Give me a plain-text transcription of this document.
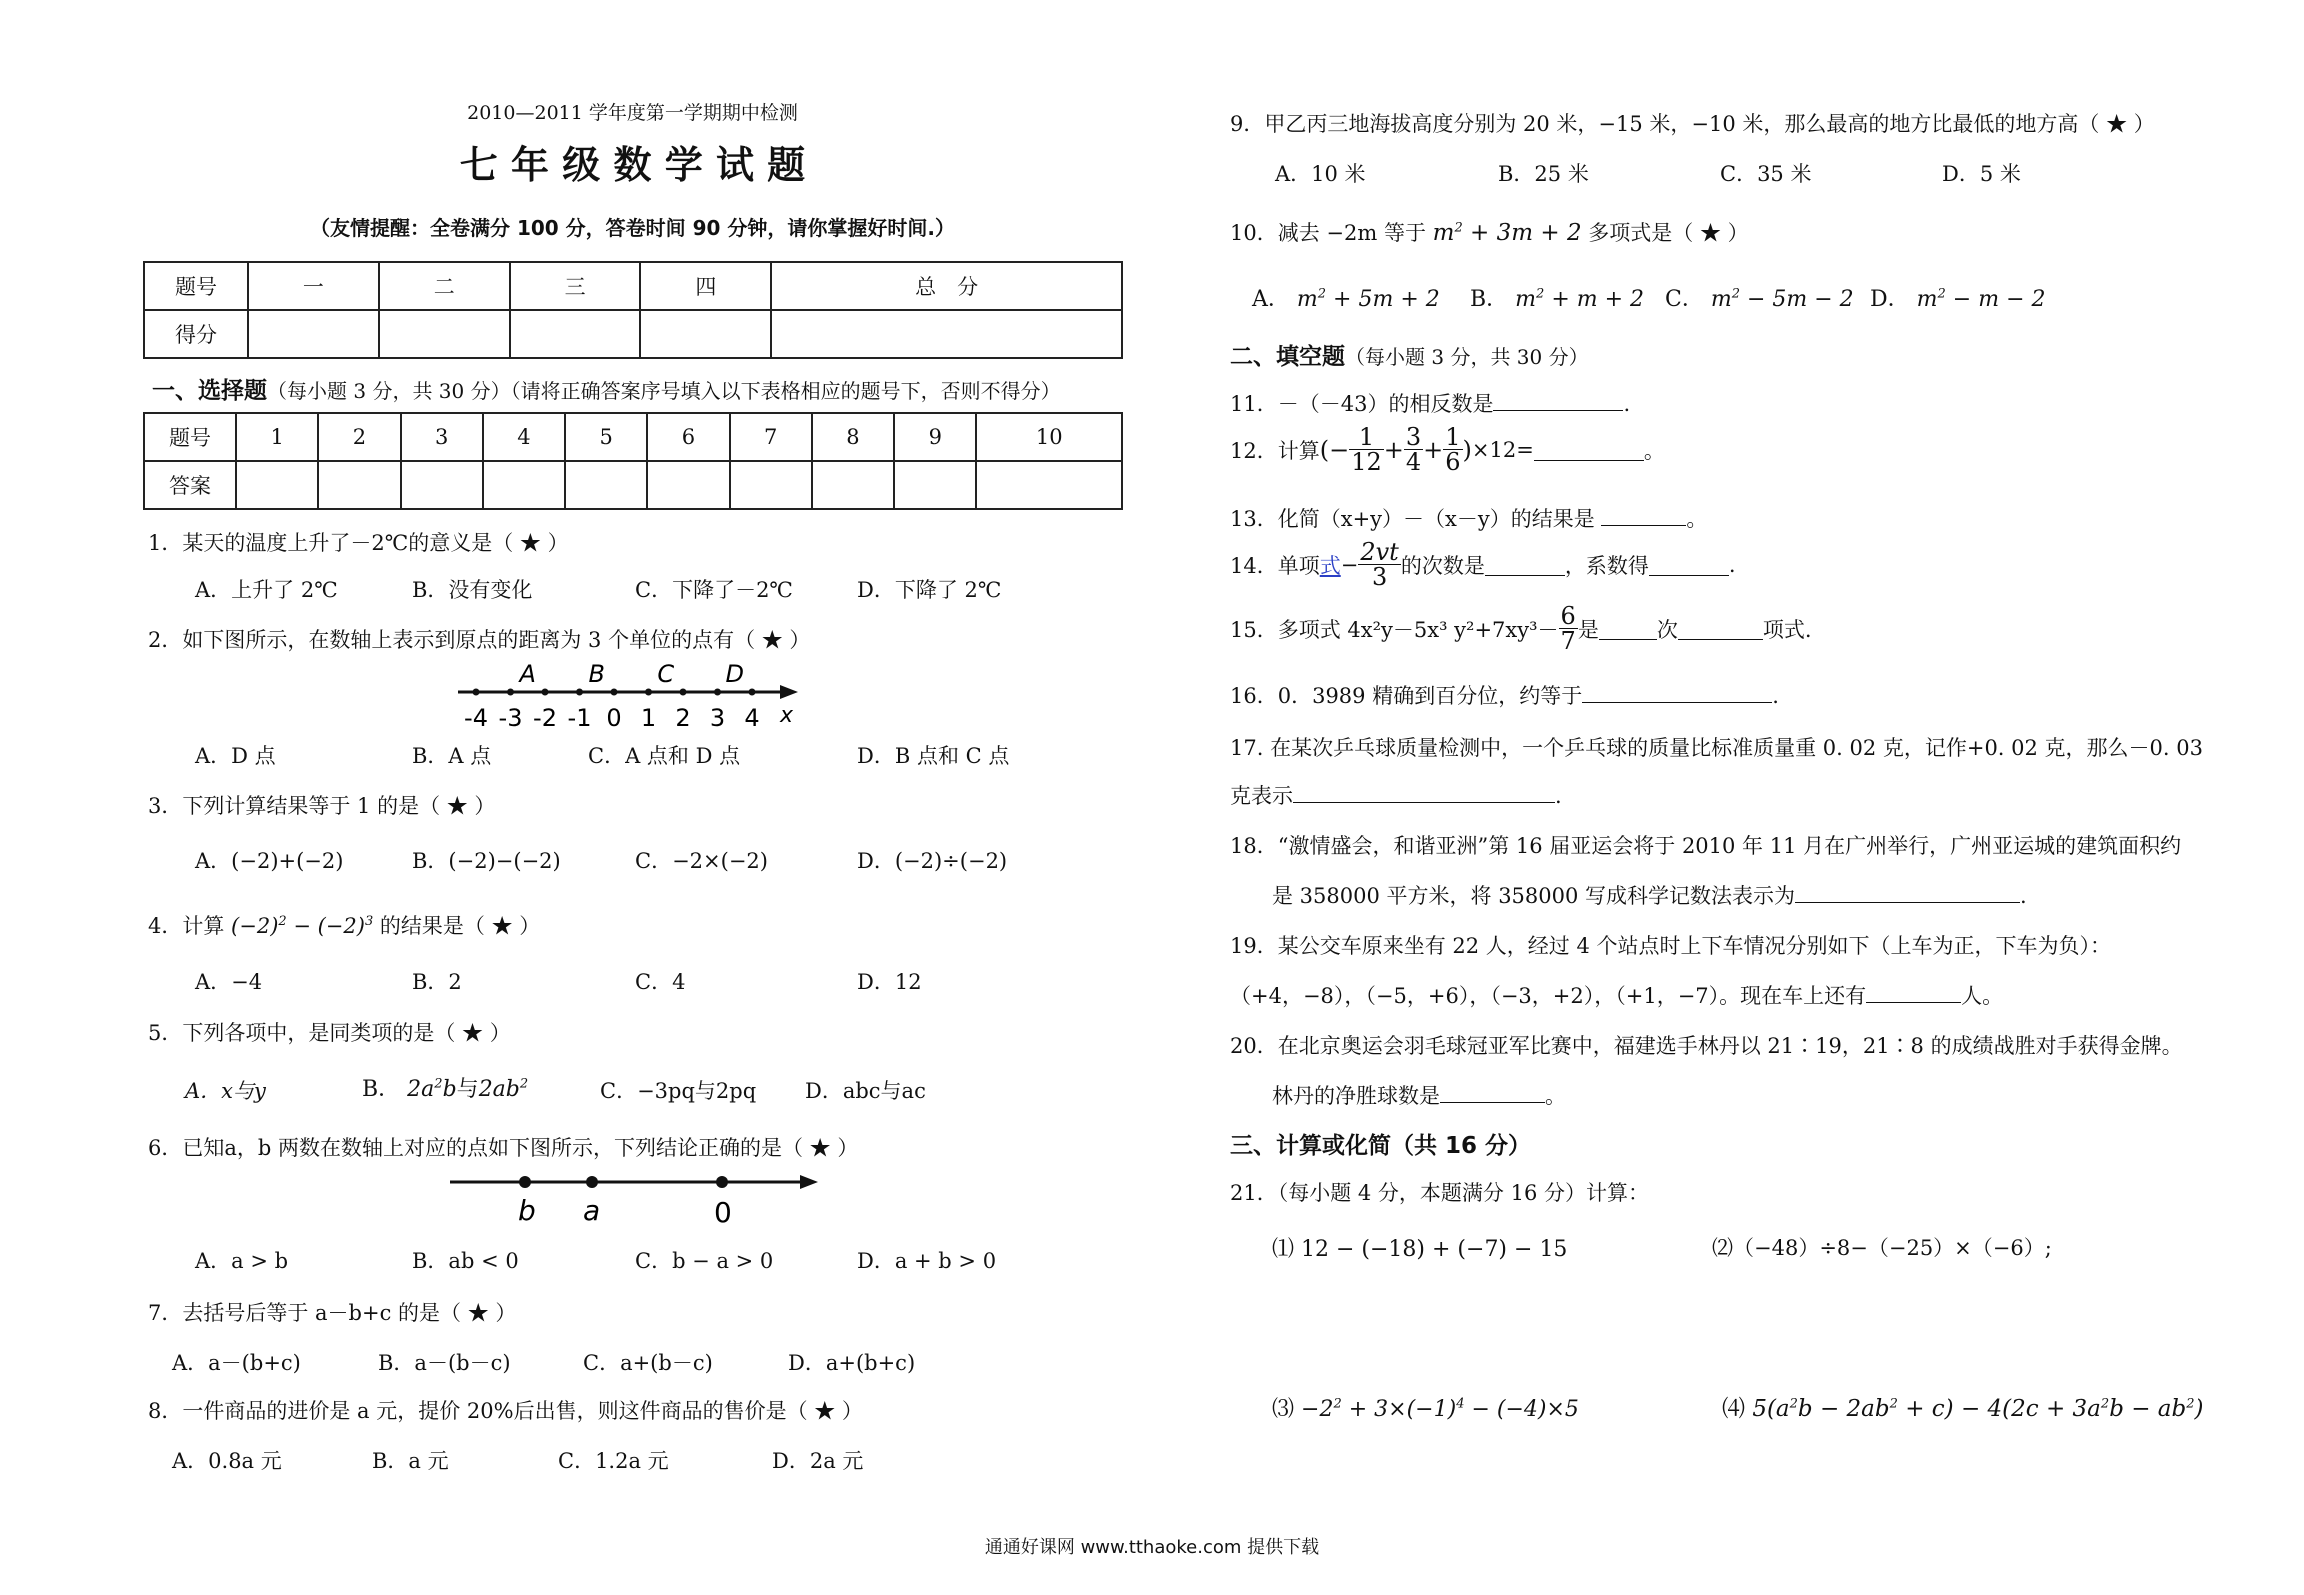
2010—2011 学年度第一学期期中检测
七 年 级 数 学 试 题
（友情提醒：全卷满分 100 分，答卷时间 90 分钟，请你掌握好时间.）
题号	一	二	三	四	总　分
得分					
一、选择题（每小题 3 分，共 30 分）（请将正确答案序号填入以下表格相应的题号下，否则不得分）
题号	1	2	3	4	5	6	7	8	9	10
答案										
1．某天的温度上升了－2℃的意义是（ ★ ）
A．上升了 2℃	B．没有变化	C．下降了－2℃	D．下降了 2℃
2．如下图所示，在数轴上表示到原点的距离为 3 个单位的点有（ ★ ）
-4 -3 -2 -1 0 1 2 3 4
A B C D
x
A．D 点	B．A 点	C．A 点和 D 点	D．B 点和 C 点
3．下列计算结果等于 1 的是（ ★ ）
A．(−2)+(−2)	B．(−2)−(−2)	C．−2×(−2)	D．(−2)÷(−2)
4．计算 $(-2)^2 - (-2)^3$ 的结果是（ ★ ）
A．−4	B．2	C．4	D．12
5．下列各项中，是同类项的是（ ★ ）
A．x与y	B． $2a^2b$与$2ab^2$	C．−3pq与2pq D．abc与ac
6．已知a，b 两数在数轴上对应的点如下图所示，下列结论正确的是（ ★ ）
b a	0
A．a > b	B．ab < 0	C．b − a > 0	D．a + b > 0
7．去括号后等于 a－b+c 的是（ ★ ）
A．a－(b+c)	B．a－(b－c)	C．a+(b－c)	D．a+(b+c)
8．一件商品的进价是 a 元，提价 20%后出售，则这件商品的售价是（ ★ ）
A．0.8a 元	B．a 元	C．1.2a 元	D．2a 元
9．甲乙丙三地海拔高度分别为 20 米，−15 米，−10 米，那么最高的地方比最低的地方高（ ★ ）
A．10 米	B．25 米	C．35 米	D．5 米
10．减去 −2m 等于 $m^2 + 3m + 2$ 多项式是（ ★ ）
A． $m^2 + 5m + 2$ B． $m^2 + m + 2$ C． $m^2 - 5m - 2$ D． $m^2 - m - 2$
二、填空题（每小题 3 分，共 30 分）
11．－（－43）的相反数是	.
12．计算 (− $\frac{1}{12} + \frac{3}{4} + \frac{1}{6}$ ) ×12=	。
13．化简（x+y）－（x－y）的结果是	。
14．单项 式 − $\frac{2vt}{3}$ 的次数是	，系数得	.
15．多项式 4x²y－5x³ $y^2+7xy^3- \frac{6}{7}$ 是	次	项式.
16．0．3989 精确到百分位，约等于	.
17. 在某次乒乓球质量检测中，一个乒乓球的质量比标准质量重 0. 02 克，记作+0. 02 克，那么－0. 03
克表示	.
18．“激情盛会，和谐亚洲”第 16 届亚运会将于 2010 年 11 月在广州举行，广州亚运城的建筑面积约
是 358000 平方米，将 358000 写成科学记数法表示为	.
19．某公交车原来坐有 22 人，经过 4 个站点时上下车情况分别如下（上车为正，下车为负）：
（+4，−8），（−5，+6），（−3，+2），（+1，−7）。现在车上还有	人。
20．在北京奥运会羽毛球冠亚军比赛中，福建选手林丹以 21∶19，21∶8 的成绩战胜对手获得金牌。
林丹的净胜球数是	。
三、计算或化简（共 16 分）
21．（每小题 4 分，本题满分 16 分）计算：
⑴ 12 − (−18) + (−7) − 15	⑵（−48）÷8−（−25）×（−6）;
⑶ $-2^2 + 3\times(-1)^4 - (-4)\times 5$	⑷ $5(a^2b - 2ab^2 + c) - 4(2c + 3a^2b - ab^2)$
通通好课网 www.tthaoke.com 提供下载
